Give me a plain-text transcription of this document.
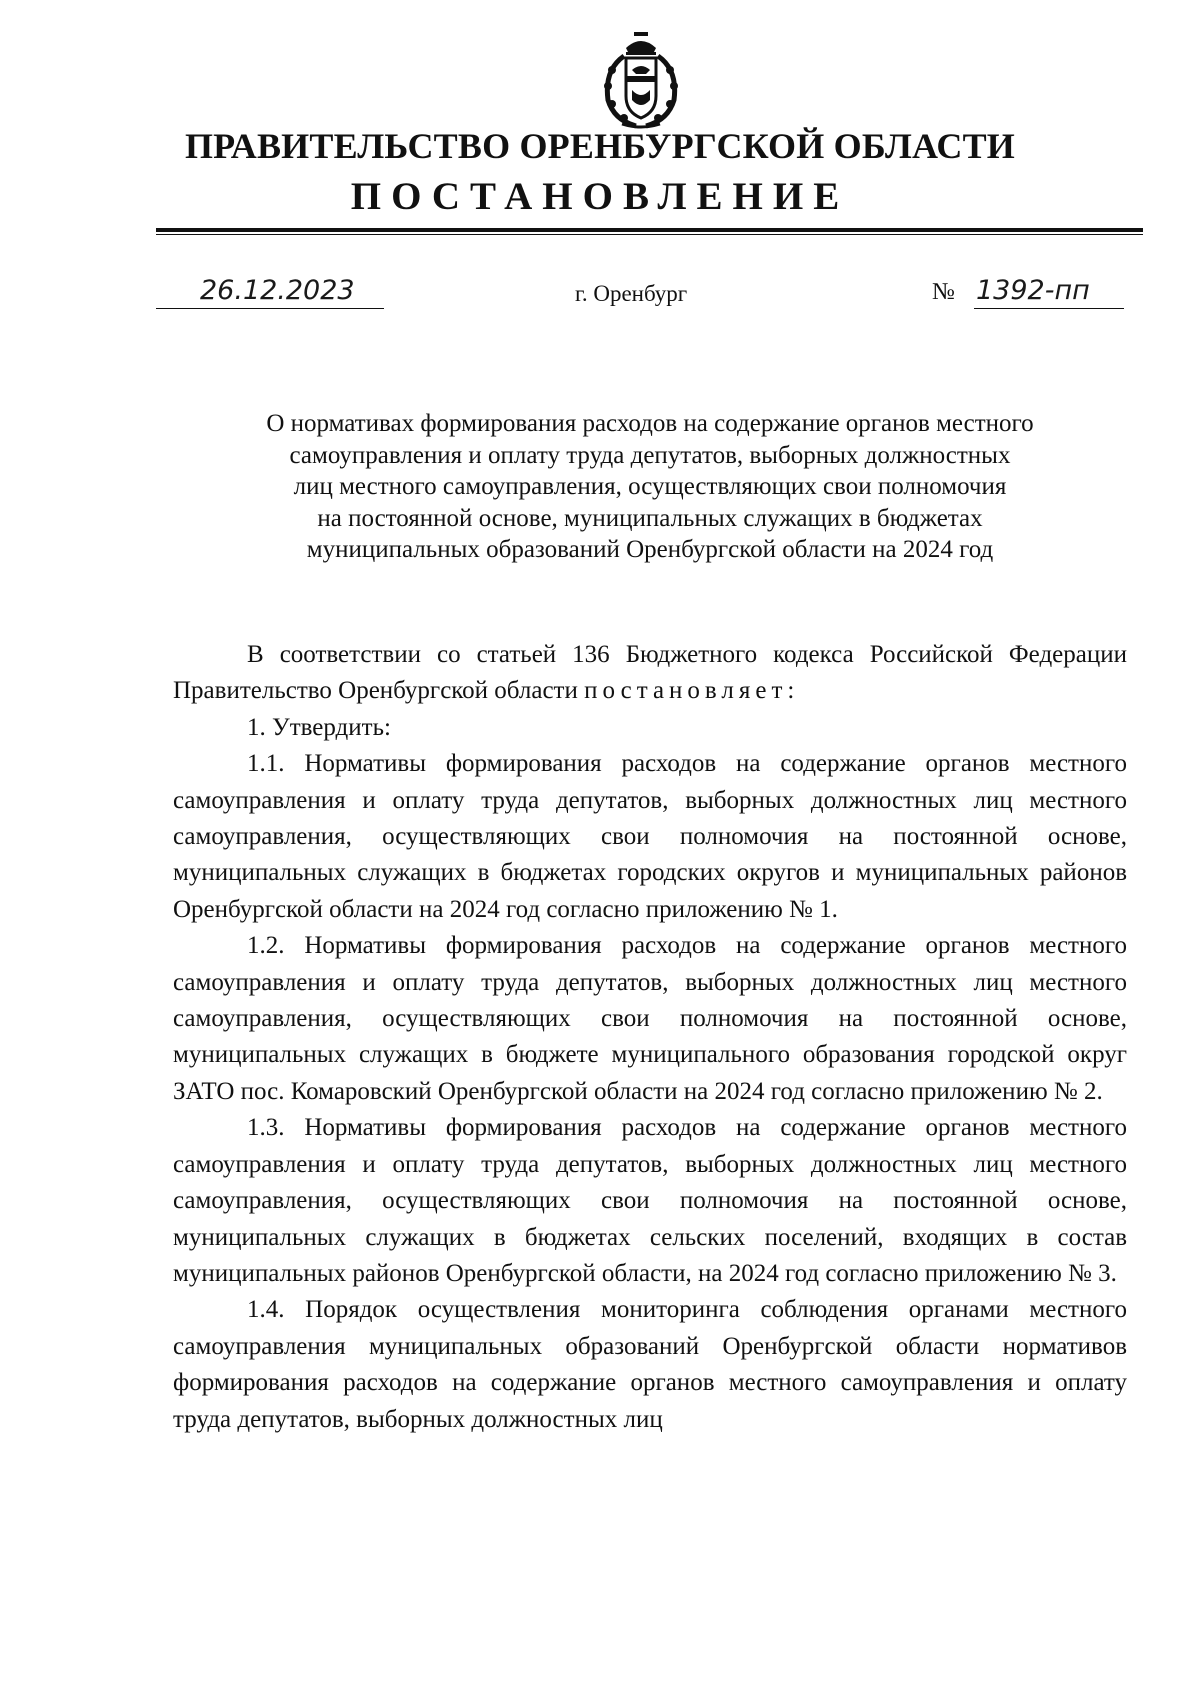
ПРАВИТЕЛЬСТВО ОРЕНБУРГСКОЙ ОБЛАСТИ
ПОСТАНОВЛЕНИЕ
26.12.2023	г. Оренбург	№ 1392-пп
О нормативах формирования расходов на содержание органов местного
самоуправления и оплату труда депутатов, выборных должностных
лиц местного самоуправления, осуществляющих свои полномочия
на постоянной основе, муниципальных служащих в бюджетах
муниципальных образований Оренбургской области на 2024 год

В соответствии со статьей 136 Бюджетного кодекса Российской Федерации Правительство Оренбургской области постановляет:

1. Утвердить:

1.1. Нормативы формирования расходов на содержание органов местного самоуправления и оплату труда депутатов, выборных должностных лиц местного самоуправления, осуществляющих свои полномочия на постоянной основе, муниципальных служащих в бюджетах городских округов и муниципальных районов Оренбургской области на 2024 год согласно приложению № 1.

1.2. Нормативы формирования расходов на содержание органов местного самоуправления и оплату труда депутатов, выборных должностных лиц местного самоуправления, осуществляющих свои полномочия на постоянной основе, муниципальных служащих в бюджете муниципального образования городской округ ЗАТО пос. Комаровский Оренбургской области на 2024 год согласно приложению № 2.

1.3. Нормативы формирования расходов на содержание органов местного самоуправления и оплату труда депутатов, выборных должностных лиц местного самоуправления, осуществляющих свои полномочия на постоянной основе, муниципальных служащих в бюджетах сельских поселений, входящих в состав муниципальных районов Оренбургской области, на 2024 год согласно приложению № 3.

1.4. Порядок осуществления мониторинга соблюдения органами местного самоуправления муниципальных образований Оренбургской области нормативов формирования расходов на содержание органов местного самоуправления и оплату труда депутатов, выборных должностных лиц
